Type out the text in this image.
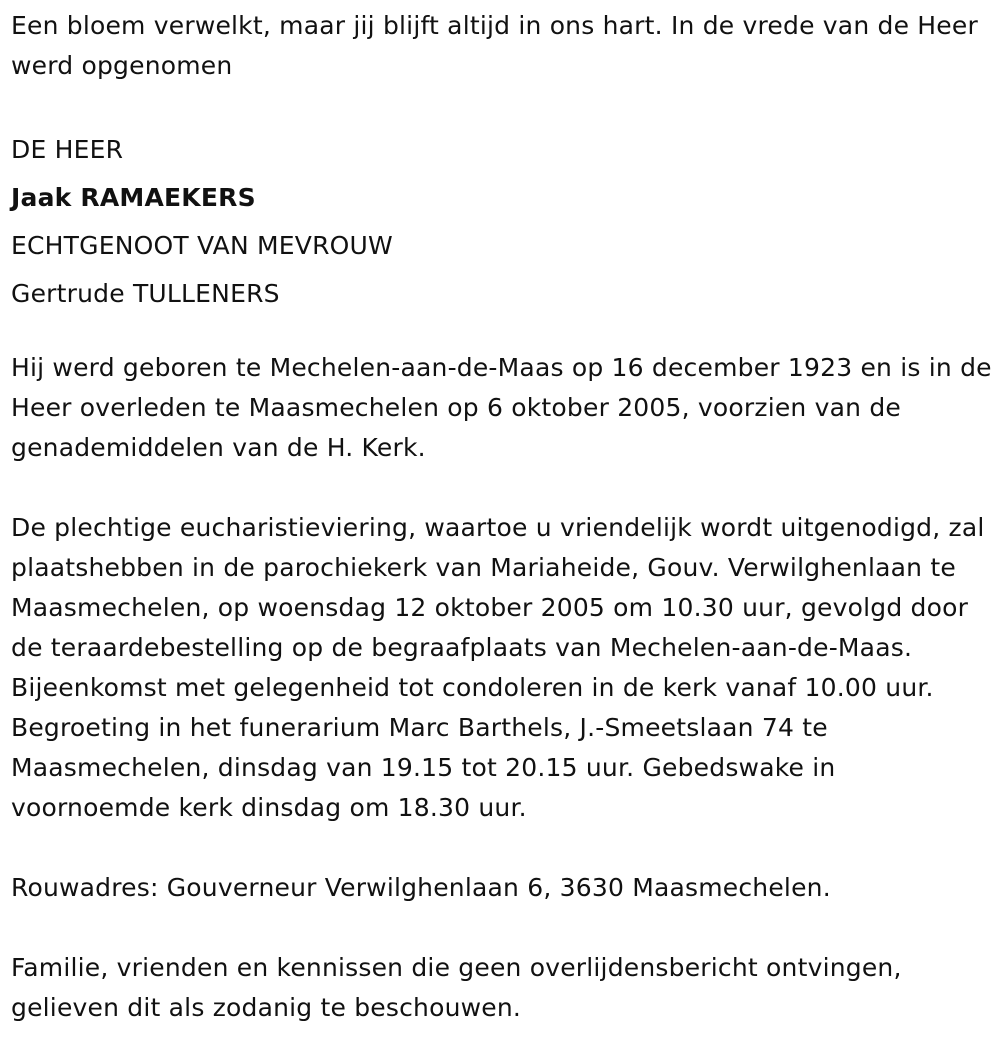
Een bloem verwelkt, maar jij blijft altijd in ons hart. In de vrede van de Heer werd opgenomen

DE HEER
Jaak RAMAEKERS
ECHTGENOOT VAN MEVROUW
Gertrude TULLENERS

Hij werd geboren te Mechelen-aan-de-Maas op 16 december 1923 en is in de Heer overleden te Maasmechelen op 6 oktober 2005, voorzien van de genademiddelen van de H. Kerk.

De plechtige eucharistieviering, waartoe u vriendelijk wordt uitgenodigd, zal plaatshebben in de parochiekerk van Mariaheide, Gouv. Verwilghenlaan te Maasmechelen, op woensdag 12 oktober 2005 om 10.30 uur, gevolgd door de teraardebestelling op de begraafplaats van Mechelen-aan-de-Maas. Bijeenkomst met gelegenheid tot condoleren in de kerk vanaf 10.00 uur. Begroeting in het funerarium Marc Barthels, J.-Smeetslaan 74 te Maasmechelen, dinsdag van 19.15 tot 20.15 uur. Gebedswake in voornoemde kerk dinsdag om 18.30 uur.

Rouwadres: Gouverneur Verwilghenlaan 6, 3630 Maasmechelen.

Familie, vrienden en kennissen die geen overlijdensbericht ontvingen, gelieven dit als zodanig te beschouwen.
